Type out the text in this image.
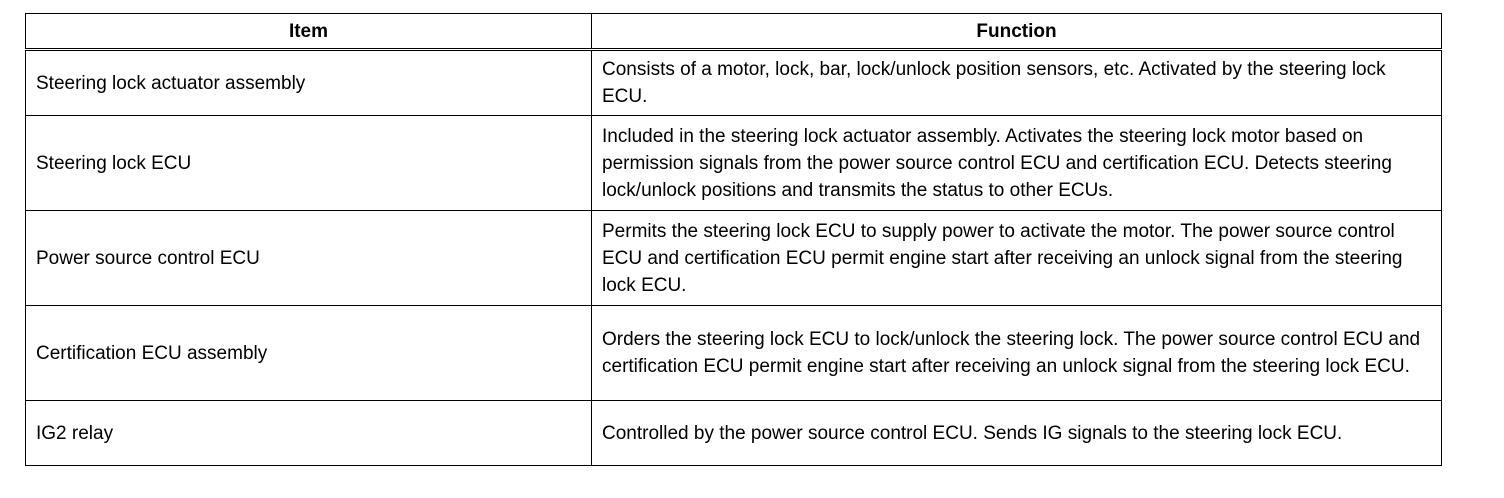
Item	Function
Steering lock actuator assembly	Consists of a motor, lock, bar, lock/unlock position sensors, etc. Activated by the steering lock ECU.
Steering lock ECU	Included in the steering lock actuator assembly. Activates the steering lock motor based on permission signals from the power source control ECU and certification ECU. Detects steering lock/unlock positions and transmits the status to other ECUs.
Power source control ECU	Permits the steering lock ECU to supply power to activate the motor. The power source control ECU and certification ECU permit engine start after receiving an unlock signal from the steering lock ECU.
Certification ECU assembly	Orders the steering lock ECU to lock/unlock the steering lock. The power source control ECU and certification ECU permit engine start after receiving an unlock signal from the steering lock ECU.
IG2 relay	Controlled by the power source control ECU. Sends IG signals to the steering lock ECU.
